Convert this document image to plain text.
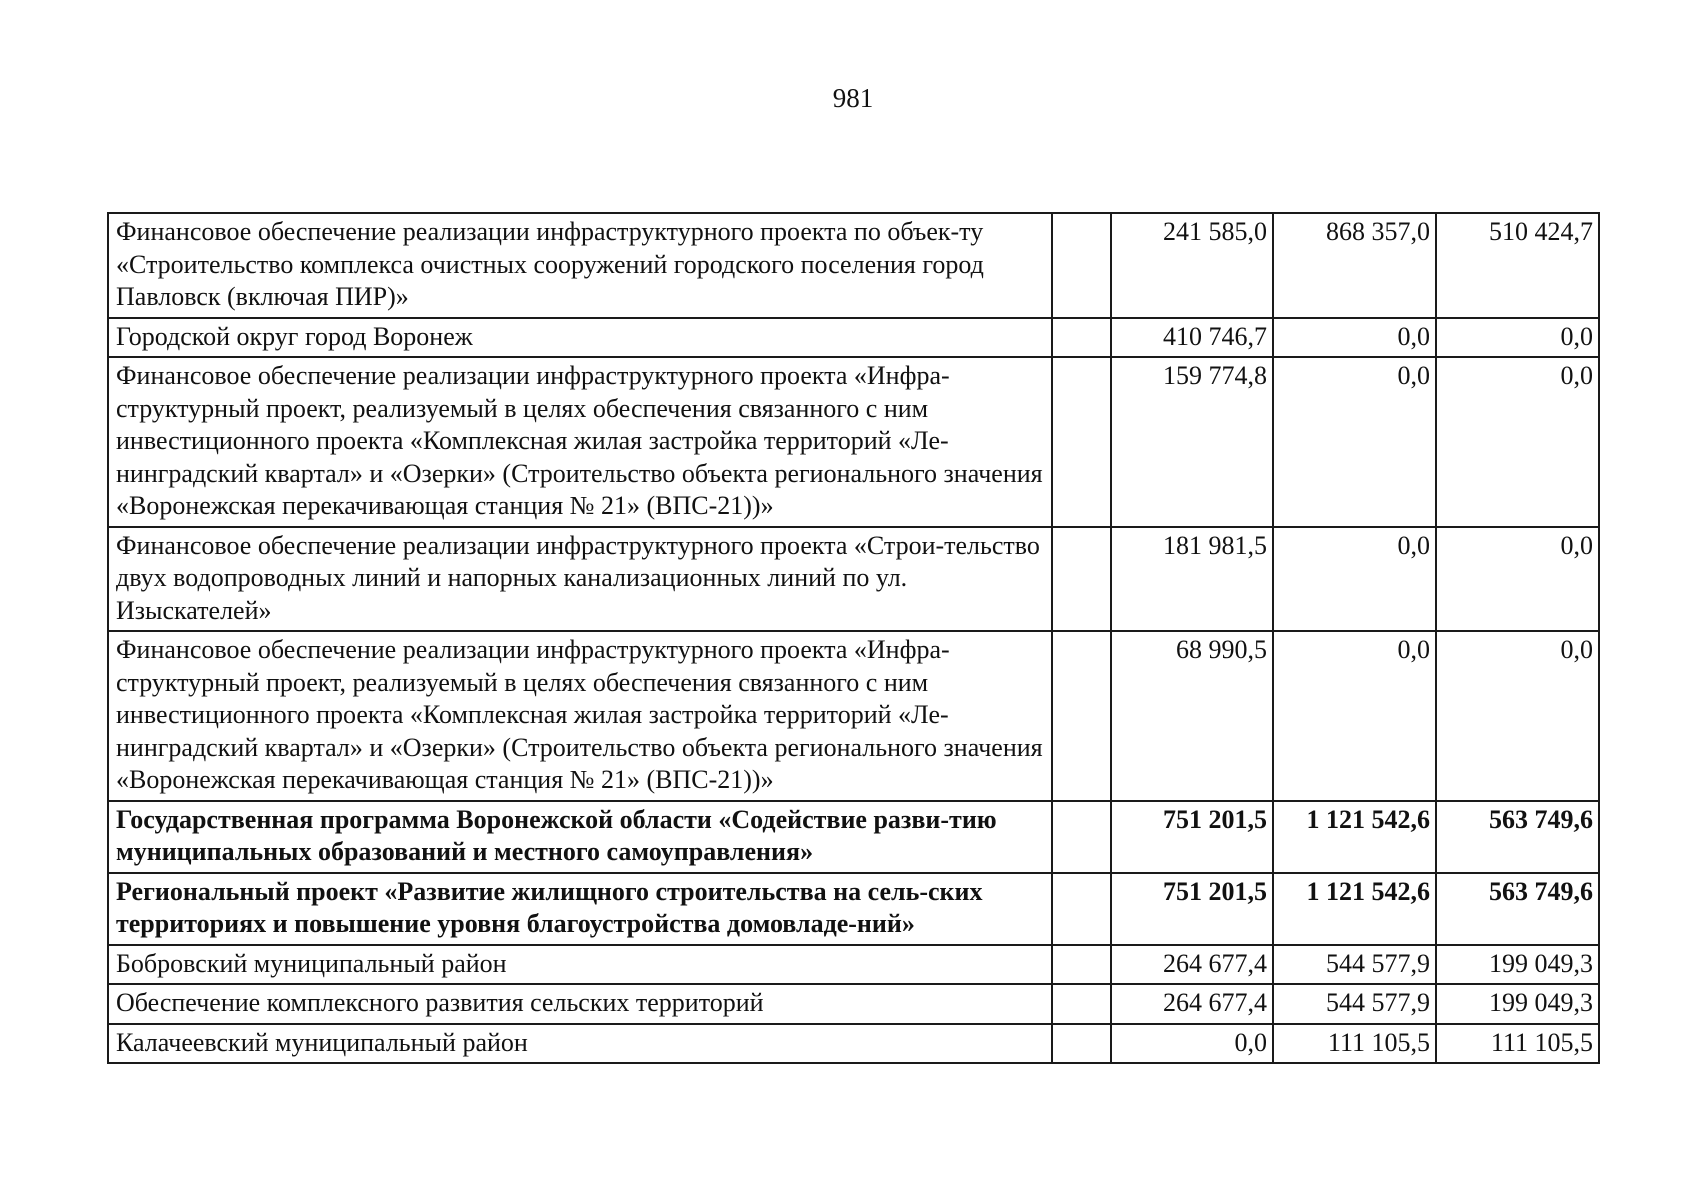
981
Финансовое обеспечение реализации инфраструктурного проекта по объек-ту «Строительство комплекса очистных сооружений городского поселения город Павловск (включая ПИР)»		241 585,0	868 357,0	510 424,7
Городской округ город Воронеж		410 746,7	0,0	0,0
Финансовое обеспечение реализации инфраструктурного проекта «Инфра-структурный проект, реализуемый в целях обеспечения связанного с ним инвестиционного проекта «Комплексная жилая застройка территорий «Ле-нинградский квартал» и «Озерки» (Строительство объекта регионального значения «Воронежская перекачивающая станция № 21» (ВПС-21))»		159 774,8	0,0	0,0
Финансовое обеспечение реализации инфраструктурного проекта «Строи-тельство двух водопроводных линий и напорных канализационных линий по ул. Изыскателей»		181 981,5	0,0	0,0
Финансовое обеспечение реализации инфраструктурного проекта «Инфра-структурный проект, реализуемый в целях обеспечения связанного с ним инвестиционного проекта «Комплексная жилая застройка территорий «Ле-нинградский квартал» и «Озерки» (Строительство объекта регионального значения «Воронежская перекачивающая станция № 21» (ВПС-21))»		68 990,5	0,0	0,0
Государственная программа Воронежской области «Содействие разви-тию муниципальных образований и местного самоуправления»		751 201,5	1 121 542,6	563 749,6
Региональный проект «Развитие жилищного строительства на сель-ских территориях и повышение уровня благоустройства домовладе-ний»		751 201,5	1 121 542,6	563 749,6
Бобровский муниципальный район		264 677,4	544 577,9	199 049,3
Обеспечение комплексного развития сельских территорий		264 677,4	544 577,9	199 049,3
Калачеевский муниципальный район		0,0	111 105,5	111 105,5
